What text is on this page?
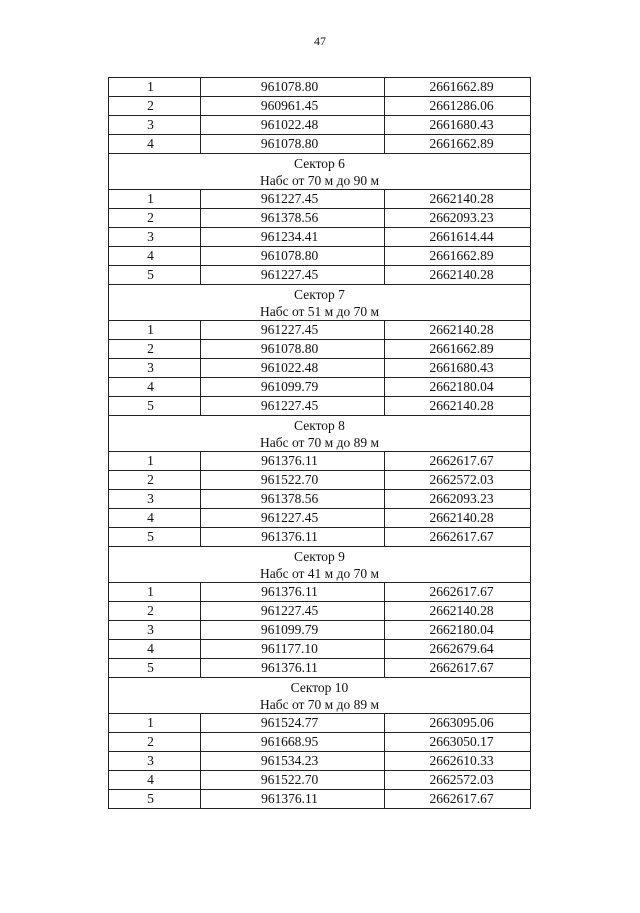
47
1	961078.80	2661662.89
2	960961.45	2661286.06
3	961022.48	2661680.43
4	961078.80	2661662.89

Сектор 6
Набс от 70 м до 90 м		

1	961227.45	2662140.28
2	961378.56	2662093.23
3	961234.41	2661614.44
4	961078.80	2661662.89
5	961227.45	2662140.28

Сектор 7
Набс от 51 м до 70 м		

1	961227.45	2662140.28
2	961078.80	2661662.89
3	961022.48	2661680.43
4	961099.79	2662180.04
5	961227.45	2662140.28

Сектор 8
Набс от 70 м до 89 м		

1	961376.11	2662617.67
2	961522.70	2662572.03
3	961378.56	2662093.23
4	961227.45	2662140.28
5	961376.11	2662617.67

Сектор 9
Набс от 41 м до 70 м		

1	961376.11	2662617.67
2	961227.45	2662140.28
3	961099.79	2662180.04
4	961177.10	2662679.64
5	961376.11	2662617.67

Сектор 10
Набс от 70 м до 89 м		

1	961524.77	2663095.06
2	961668.95	2663050.17
3	961534.23	2662610.33
4	961522.70	2662572.03
5	961376.11	2662617.67
